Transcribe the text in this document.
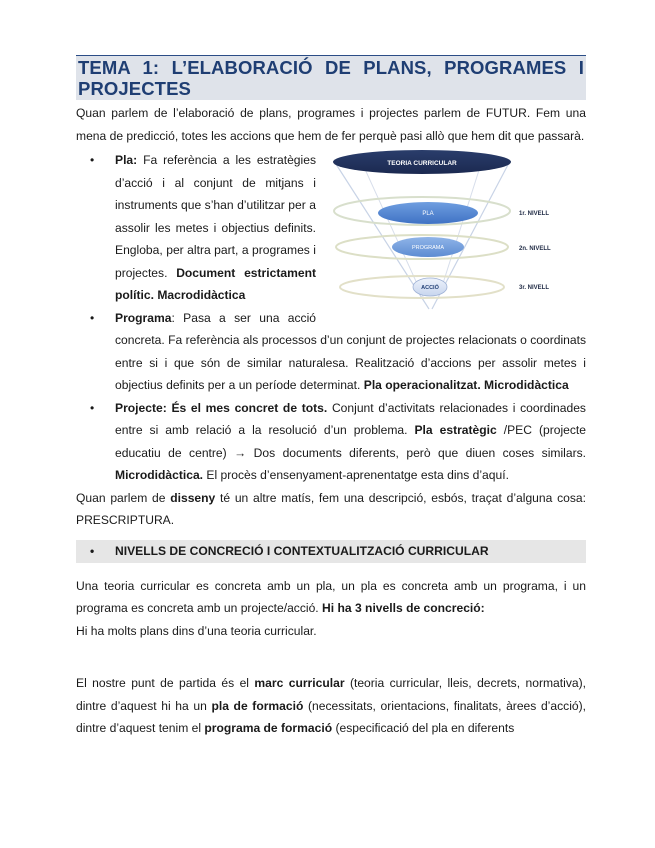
TEMA 1: L’ELABORACIÓ DE PLANS, PROGRAMES I PROJECTES

Quan parlem de l’elaboració de plans, programes i projectes parlem de FUTUR. Fem una mena de predicció, totes les accions que hem de fer perquè pasi allò que hem dit que passarà.

TEORIA CURRICULAR
PLA
PROGRAMA
ACCIÓ
1r. NIVELL
2n. NIVELL
3r. NIVELL
• Pla: Fa referència a les estratègies d’acció i al conjunt de mitjans i instruments que s’han d’utilitzar per a assolir les metes i objectius definits. Engloba, per altra part, a programes i projectes. Document estrictament polític. Macrodidàctica
• Programa: Pasa a ser una acció concreta. Fa referència als processos d’un conjunt de projectes relacionats o coordinats entre si i que són de similar naturalesa. Realització d’accions per assolir metes i objectius definits per a un període determinat. Pla operacionalitzat. Microdidàctica
• Projecte: És el mes concret de tots. Conjunt d’activitats relacionades i coordinades entre si amb relació a la resolució d’un problema. Pla estratègic /PEC (projecte educatiu de centre) → Dos documents diferents, però que diuen coses similars. Microdidàctica. El procès d’ensenyament-aprenentatge esta dins d’aquí.

Quan parlem de disseny té un altre matís, fem una descripció, esbós, traçat d’alguna cosa: PRESCRIPTURA.

• NIVELLS DE CONCRECIÓ I CONTEXTUALITZACIÓ CURRICULAR

Una teoria curricular es concreta amb un pla, un pla es concreta amb un programa, i un programa es concreta amb un projecte/acció. Hi ha 3 nivells de concreció:

Hi ha molts plans dins d’una teoria curricular.

El nostre punt de partida és el marc curricular (teoria curricular, lleis, decrets, normativa), dintre d’aquest hi ha un pla de formació (necessitats, orientacions, finalitats, àrees d’acció), dintre d’aquest tenim el programa de formació (especificació del pla en diferents
